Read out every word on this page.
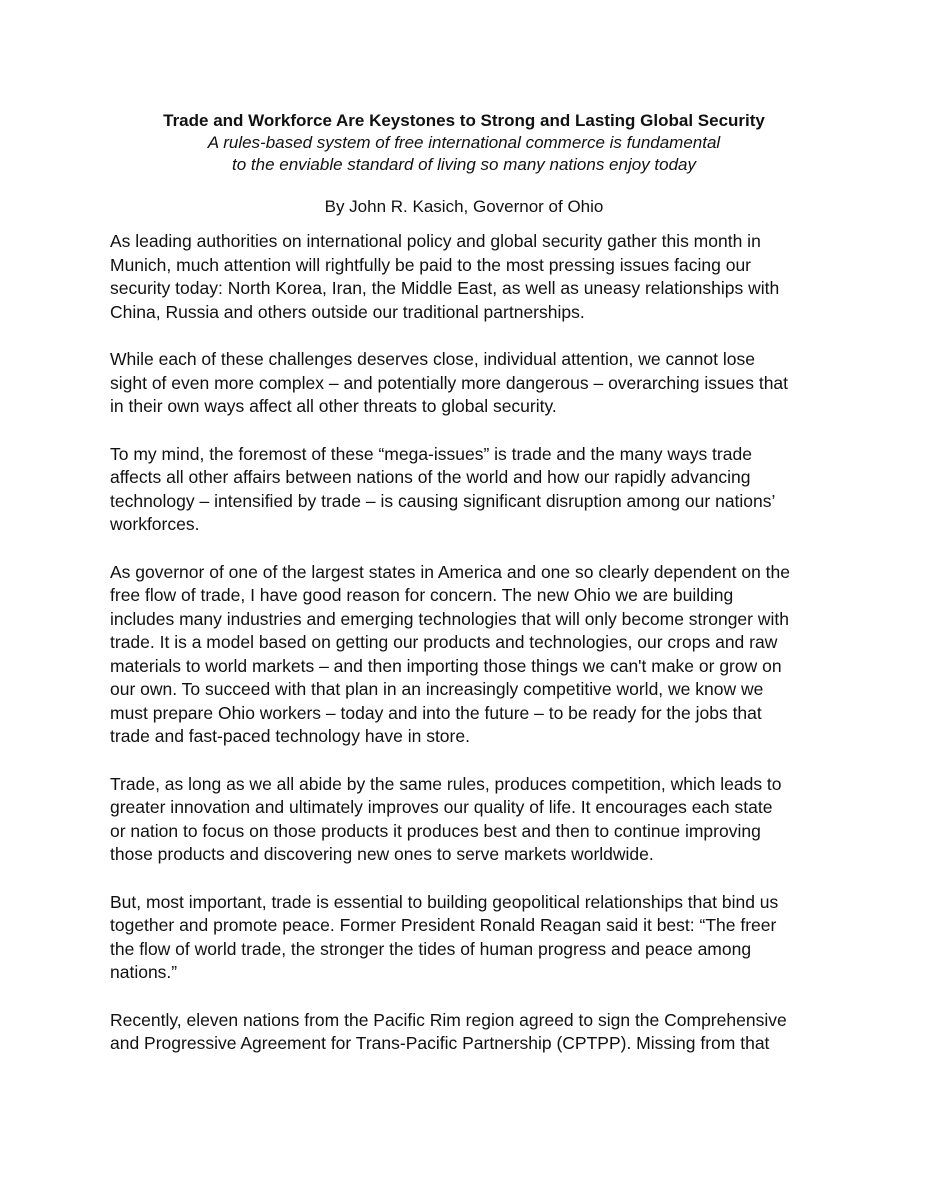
Trade and Workforce Are Keystones to Strong and Lasting Global Security

A rules-based system of free international commerce is fundamental
to the enviable standard of living so many nations enjoy today

By John R. Kasich, Governor of Ohio

As leading authorities on international policy and global security gather this month in
Munich, much attention will rightfully be paid to the most pressing issues facing our
security today: North Korea, Iran, the Middle East, as well as uneasy relationships with
China, Russia and others outside our traditional partnerships.

While each of these challenges deserves close, individual attention, we cannot lose
sight of even more complex – and potentially more dangerous – overarching issues that
in their own ways affect all other threats to global security.

To my mind, the foremost of these “mega-issues” is trade and the many ways trade
affects all other affairs between nations of the world and how our rapidly advancing
technology – intensified by trade – is causing significant disruption among our nations’
workforces.

As governor of one of the largest states in America and one so clearly dependent on the
free flow of trade, I have good reason for concern. The new Ohio we are building
includes many industries and emerging technologies that will only become stronger with
trade. It is a model based on getting our products and technologies, our crops and raw
materials to world markets – and then importing those things we can't make or grow on
our own. To succeed with that plan in an increasingly competitive world, we know we
must prepare Ohio workers – today and into the future – to be ready for the jobs that
trade and fast-paced technology have in store.

Trade, as long as we all abide by the same rules, produces competition, which leads to
greater innovation and ultimately improves our quality of life. It encourages each state
or nation to focus on those products it produces best and then to continue improving
those products and discovering new ones to serve markets worldwide.

But, most important, trade is essential to building geopolitical relationships that bind us
together and promote peace. Former President Ronald Reagan said it best: “The freer
the flow of world trade, the stronger the tides of human progress and peace among
nations.”

Recently, eleven nations from the Pacific Rim region agreed to sign the Comprehensive
and Progressive Agreement for Trans-Pacific Partnership (CPTPP). Missing from that
